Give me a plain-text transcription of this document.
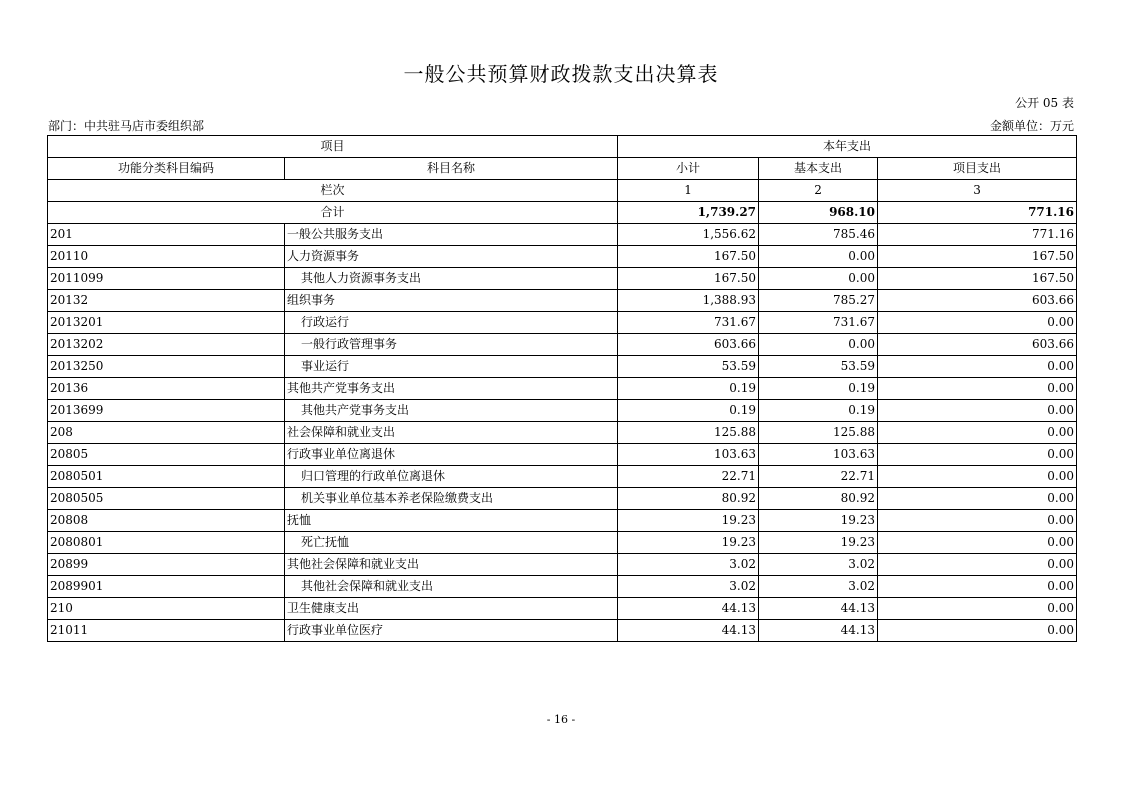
一般公共预算财政拨款支出决算表
公开 05 表
部门：中共驻马店市委组织部	金额单位：万元
项目		本年支出		
功能分类科目编码	科目名称	小计	基本支出	项目支出
栏次		1	2	3
合计		1,739.27	968.10	771.16
201	一般公共服务支出	1,556.62	785.46	771.16
20110	人力资源事务	167.50	0.00	167.50
2011099	其他人力资源事务支出	167.50	0.00	167.50
20132	组织事务	1,388.93	785.27	603.66
2013201	行政运行	731.67	731.67	0.00
2013202	一般行政管理事务	603.66	0.00	603.66
2013250	事业运行	53.59	53.59	0.00
20136	其他共产党事务支出	0.19	0.19	0.00
2013699	其他共产党事务支出	0.19	0.19	0.00
208	社会保障和就业支出	125.88	125.88	0.00
20805	行政事业单位离退休	103.63	103.63	0.00
2080501	归口管理的行政单位离退休	22.71	22.71	0.00
2080505	机关事业单位基本养老保险缴费支出	80.92	80.92	0.00
20808	抚恤	19.23	19.23	0.00
2080801	死亡抚恤	19.23	19.23	0.00
20899	其他社会保障和就业支出	3.02	3.02	0.00
2089901	其他社会保障和就业支出	3.02	3.02	0.00
210	卫生健康支出	44.13	44.13	0.00
21011	行政事业单位医疗	44.13	44.13	0.00
- 16 -
